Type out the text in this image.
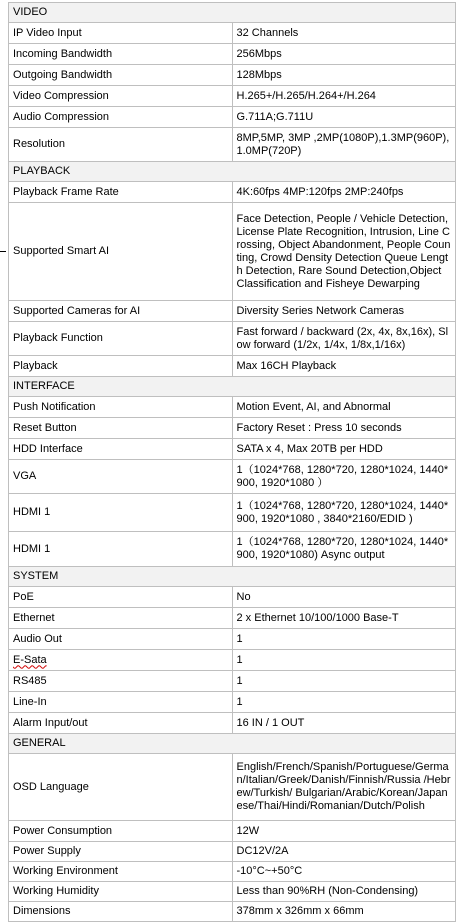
VIDEO	
IP Video Input	32 Channels
Incoming Bandwidth	256Mbps
Outgoing Bandwidth	128Mbps
Video Compression	H.265+/H.265/H.264+/H.264
Audio Compression	G.711A;G.711U
Resolution	8MP,5MP, 3MP ,2MP(1080P),1.3MP(960P), 1.0MP(720P)
PLAYBACK	
Playback Frame Rate	4K:60fps 4MP:120fps 2MP:240fps
Supported Smart AI	Face Detection, People / Vehicle Detection, License Plate Recognition, Intrusion, Line Crossing, Object Abandonment, People Counting, Crowd Density Detection Queue Length Detection, Rare Sound Detection,Object Classification and Fisheye Dewarping
Supported Cameras for AI	Diversity Series Network Cameras
Playback Function	Fast forward / backward (2x, 4x, 8x,16x), Slow forward (1/2x, 1/4x, 1/8x,1/16x)
Playback	Max 16CH Playback
INTERFACE	
Push Notification	Motion Event, AI, and Abnormal
Reset Button	Factory Reset : Press 10 seconds
HDD Interface	SATA x 4, Max 20TB per HDD
VGA	1（1024*768, 1280*720, 1280*1024, 1440*900, 1920*1080 ）
HDMI 1	1（1024*768, 1280*720, 1280*1024, 1440*900, 1920*1080 , 3840*2160/EDID )
HDMI 1	1（1024*768, 1280*720, 1280*1024, 1440*900, 1920*1080) Async output
SYSTEM	
PoE	No
Ethernet	2 x Ethernet 10/100/1000 Base-T
Audio Out	1
E-Sata	1
RS485	1
Line-In	1
Alarm Input/out	16 IN / 1 OUT
GENERAL	
OSD Language	English/French/Spanish/Portuguese/German/Italian/Greek/Danish/Finnish/Russia /Hebrew/Turkish/ Bulgarian/Arabic/Korean/Japanese/Thai/Hindi/Romanian/Dutch/Polish
Power Consumption	12W
Power Supply	DC12V/2A
Working Environment	-10°C~+50°C
Working Humidity	Less than 90%RH (Non-Condensing)
Dimensions	378mm x 326mm x 66mm
